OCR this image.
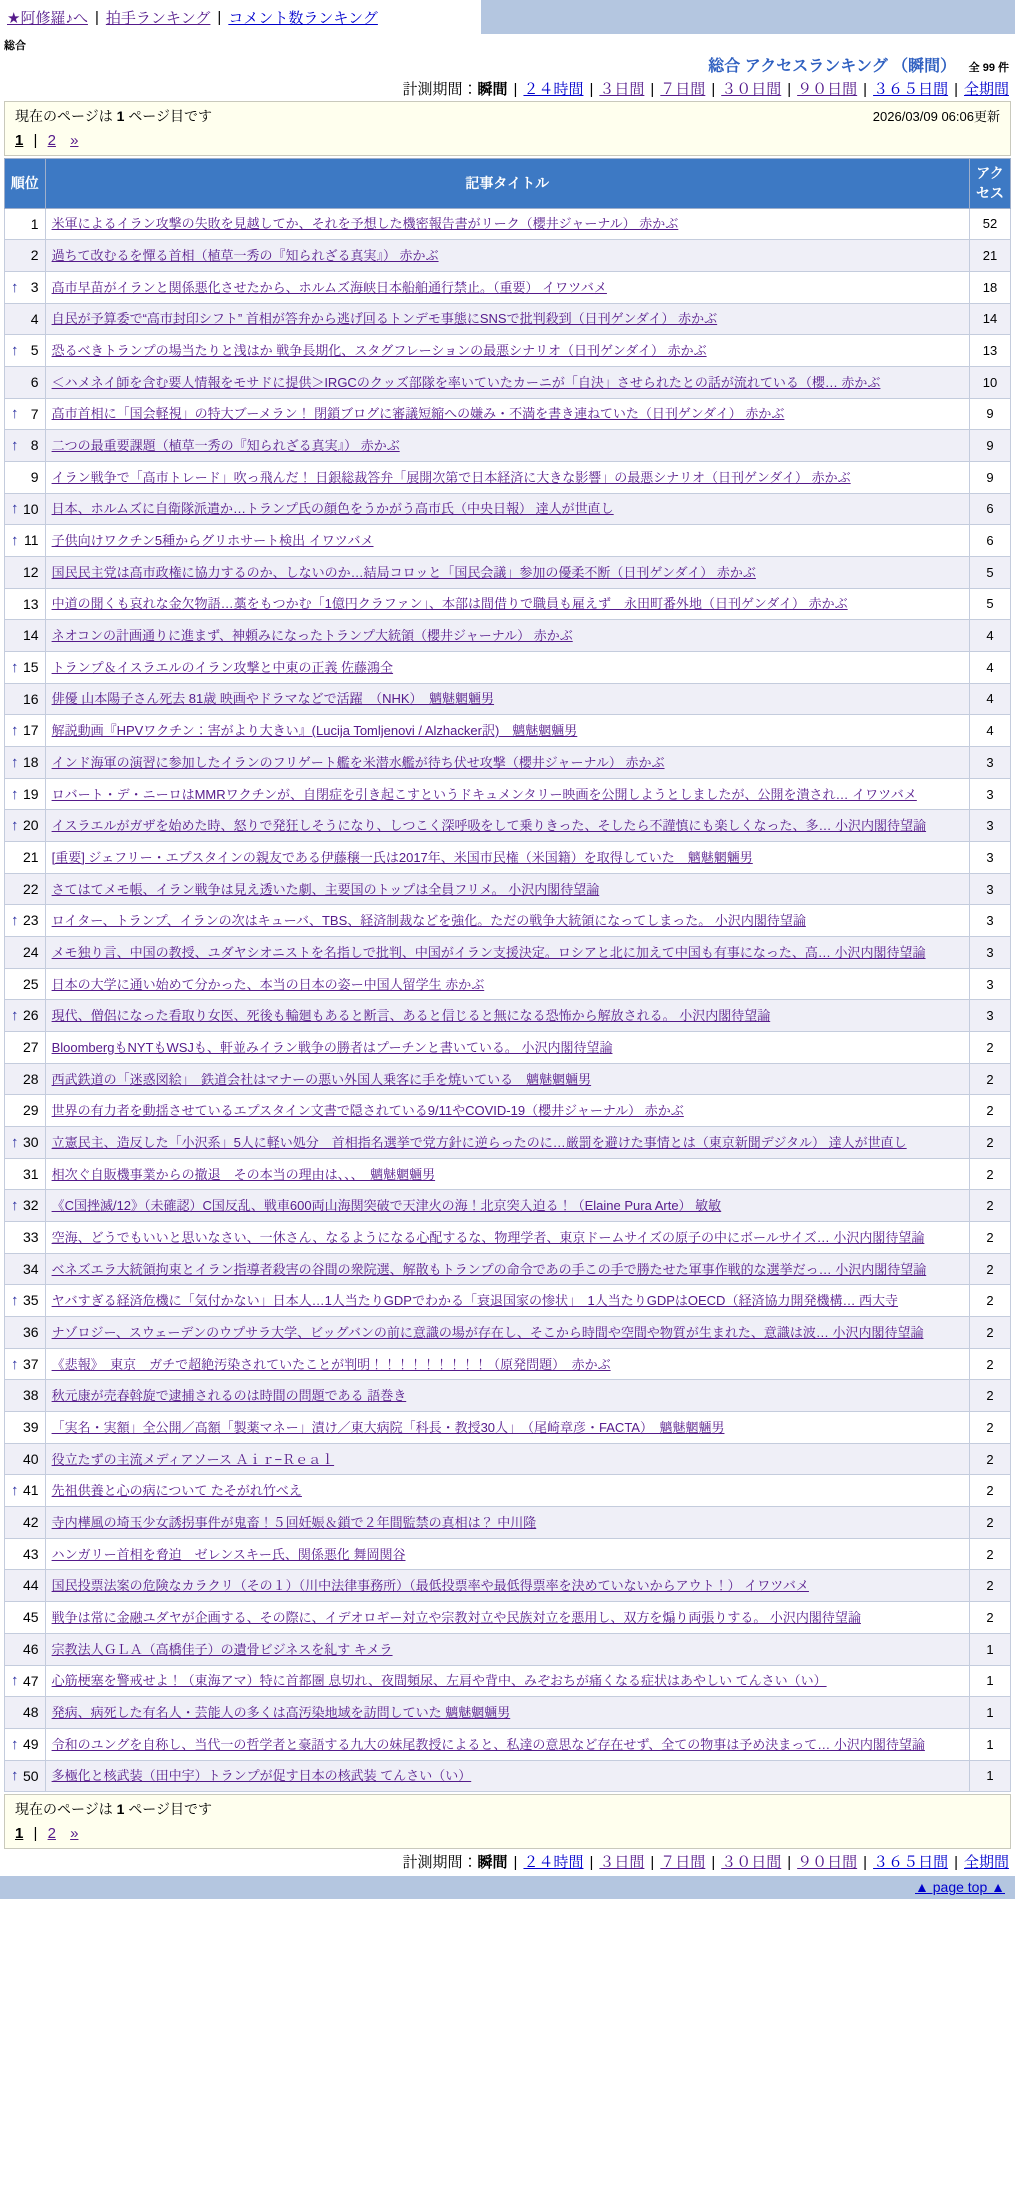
★阿修羅♪へ | 拍手ランキング | コメント数ランキング
総合
総合 アクセスランキング （瞬間） 全 99 件
計測期間：瞬間 | ２４時間 | ３日間 | ７日間 | ３０日間 | ９０日間 | ３６５日間 | 全期間
現在のページは 1 ページ目です	2026/03/09 06:06更新
1 | 2 »
順位	記事タイトル	アクセス

1	米軍によるイラン攻撃の失敗を見越してか、それを予想した機密報告書がリーク（櫻井ジャーナル） 赤かぶ	52

2	過ちて改むるを憚る首相（植草一秀の『知られざる真実』） 赤かぶ	21

↑ 3	高市早苗がイランと関係悪化させたから、ホルムズ海峡日本船舶通行禁止。（重要） イワツバメ	18

4	自民が予算委で“高市封印シフト” 首相が答弁から逃げ回るトンデモ事態にSNSで批判殺到（日刊ゲンダイ） 赤かぶ	14

↑ 5	恐るべきトランプの場当たりと浅はか 戦争長期化、スタグフレーションの最悪シナリオ（日刊ゲンダイ） 赤かぶ	13

6	＜ハメネイ師を含む要人情報をモサドに提供＞IRGCのクッズ部隊を率いていたカーニが「自決」させられたとの話が流れている（櫻… 赤かぶ	10

↑ 7	高市首相に「国会軽視」の特大ブーメラン！ 閉鎖ブログに審議短縮への嫌み・不満を書き連ねていた（日刊ゲンダイ） 赤かぶ	9

↑ 8	二つの最重要課題（植草一秀の『知られざる真実』） 赤かぶ	9

9	イラン戦争で「高市トレード」吹っ飛んだ！ 日銀総裁答弁「展開次第で日本経済に大きな影響」の最悪シナリオ（日刊ゲンダイ） 赤かぶ	9

↑ 10	日本、ホルムズに自衛隊派遣か…トランプ氏の顔色をうかがう高市氏（中央日報） 達人が世直し	6

↑ 11	子供向けワクチン5種からグリホサート検出 イワツバメ	6

12	国民民主党は高市政権に協力するのか、しないのか…結局コロッと「国民会議」参加の優柔不断（日刊ゲンダイ） 赤かぶ	5

13	中道の聞くも哀れな金欠物語…藁をもつかむ「1億円クラファン」、本部は間借りで職員も雇えず　永田町番外地（日刊ゲンダイ） 赤かぶ	5

14	ネオコンの計画通りに進まず、神頼みになったトランプ大統領（櫻井ジャーナル） 赤かぶ	4

↑ 15	トランプ＆イスラエルのイラン攻撃と中東の正義 佐藤鴻全	4

16	俳優 山本陽子さん死去 81歳 映画やドラマなどで活躍　（NHK）　魑魅魍魎男	4

↑ 17	解説動画『HPVワクチン：害がより大きい』(Lucija Tomljenovi / Alzhacker訳)　魑魅魍魎男	4

↑ 18	インド海軍の演習に参加したイランのフリゲート艦を米潜水艦が待ち伏せ攻撃（櫻井ジャーナル） 赤かぶ	3

↑ 19	ロバート・デ・ニーロはMMRワクチンが、自閉症を引き起こすというドキュメンタリー映画を公開しようとしましたが、公開を潰され… イワツバメ	3

↑ 20	イスラエルがガザを始めた時、怒りで発狂しそうになり、しつこく深呼吸をして乗りきった、そしたら不謹慎にも楽しくなった、多… 小沢内閣待望論	3

21	[重要] ジェフリー・エプスタインの親友である伊藤穣一氏は2017年、米国市民権（米国籍）を取得していた　魑魅魍魎男	3

22	さてはてメモ帳、イラン戦争は見え透いた劇、主要国のトップは全員フリメ。 小沢内閣待望論	3

↑ 23	ロイター、トランプ、イランの次はキューバ、TBS、経済制裁などを強化。ただの戦争大統領になってしまった。 小沢内閣待望論	3

24	メモ独り言、中国の教授、ユダヤシオニストを名指しで批判、中国がイラン支援決定。ロシアと北に加えて中国も有事になった、高… 小沢内閣待望論	3

25	日本の大学に通い始めて分かった、本当の日本の姿ー中国人留学生 赤かぶ	3

↑ 26	現代、僧侶になった看取り女医、死後も輪廻もあると断言、あると信じると無になる恐怖から解放される。 小沢内閣待望論	3

27	BloombergもNYTもWSJも、軒並みイラン戦争の勝者はプーチンと書いている。 小沢内閣待望論	2

28	西武鉄道の「迷惑図絵」　鉄道会社はマナーの悪い外国人乗客に手を焼いている　魑魅魍魎男	2

29	世界の有力者を動揺させているエプスタイン文書で隠されている9/11やCOVID-19（櫻井ジャーナル） 赤かぶ	2

↑ 30	立憲民主、造反した「小沢系」5人に軽い処分　首相指名選挙で党方針に逆らったのに…厳罰を避けた事情とは（東京新聞デジタル） 達人が世直し	2

31	相次ぐ自販機事業からの撤退　その本当の理由は、、、　魑魅魍魎男	2

↑ 32	《C国挫滅/12》（未確認）C国反乱、戦車600両山海関突破で天津火の海！北京突入迫る！（Elaine Pura Arte） 敏敏	2

33	空海、どうでもいいと思いなさい、一休さん、なるようになる心配するな、物理学者、東京ドームサイズの原子の中にボールサイズ… 小沢内閣待望論	2

34	ベネズエラ大統領拘束とイラン指導者殺害の谷間の衆院選、解散もトランプの命令であの手この手で勝たせた軍事作戦的な選挙だっ… 小沢内閣待望論	2

↑ 35	ヤバすぎる経済危機に「気付かない」日本人…1人当たりGDPでわかる「衰退国家の惨状」　1人当たりGDPはOECD（経済協力開発機構… 西大寺	2

36	ナゾロジー、スウェーデンのウプサラ大学、ビッグバンの前に意識の場が存在し、そこから時間や空間や物質が生まれた、意識は波… 小沢内閣待望論	2

↑ 37	《悲報》　東京　ガチで超絶汚染されていたことが判明！！！！！！！！！（原発問題）　赤かぶ	2

38	秋元康が売春斡旋で逮捕されるのは時間の問題である 語巻き	2

39	「実名・実額」全公開／高額「製薬マネー」漬け／東大病院「科長・教授30人」　（尾崎章彦・FACTA）　魑魅魍魎男	2

40	役立たずの主流メディアソース Ａｉｒ−Ｒｅａｌ	2

↑ 41	先祖供養と心の病について たそがれ竹べえ	2

42	寺内樺風の埼玉少女誘拐事件が鬼畜！５回妊娠＆鎖で２年間監禁の真相は？ 中川隆	2

43	ハンガリー首相を脅迫　ゼレンスキー氏、関係悪化 舞岡関谷	2

44	国民投票法案の危険なカラクリ（その１）（川中法律事務所）（最低投票率や最低得票率を決めていないからアウト！） イワツバメ	2

45	戦争は常に金融ユダヤが企画する、その際に、イデオロギー対立や宗教対立や民族対立を悪用し、双方を煽り両張りする。 小沢内閣待望論	2

46	宗教法人ＧＬＡ（高橋佳子）の遺骨ビジネスを糺す キメラ	1

↑ 47	心筋梗塞を警戒せよ！（東海アマ）特に首都圏 息切れ、夜間頻尿、左肩や背中、みぞおちが痛くなる症状はあやしい てんさい（い）	1

48	発病、病死した有名人・芸能人の多くは高汚染地域を訪問していた 魑魅魍魎男	1

↑ 49	令和のユングを自称し、当代一の哲学者と豪語する九大の妹尾教授によると、私達の意思など存在せず、全ての物事は予め決まって… 小沢内閣待望論	1

↑ 50	多極化と核武装（田中宇）トランプが促す日本の核武装 てんさい（い）	1
現在のページは 1 ページ目です
1 | 2 »
計測期間：瞬間 | ２４時間 | ３日間 | ７日間 | ３０日間 | ９０日間 | ３６５日間 | 全期間
▲ page top ▲
